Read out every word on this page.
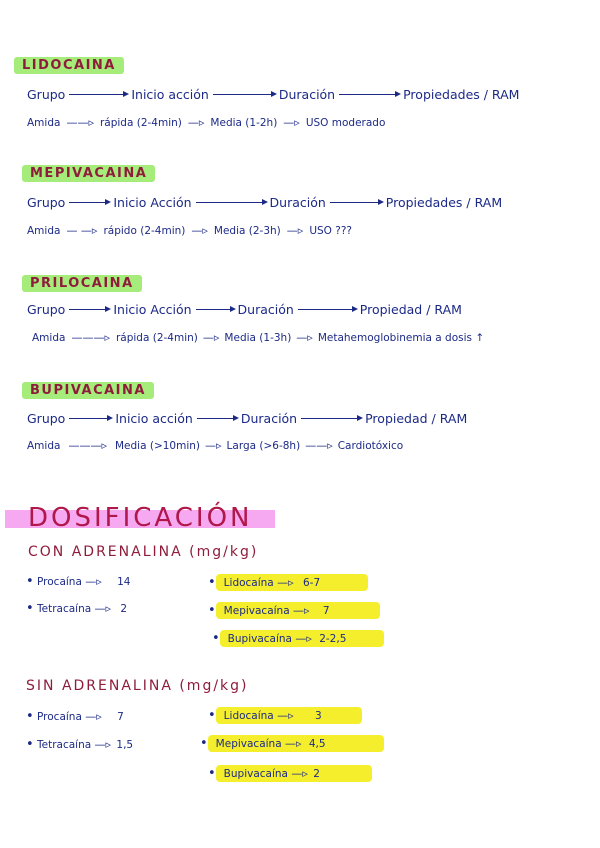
LIDOCAINA
Grupo	Inicio acción	Duración	Propiedades / RAM
Amida ——▹ rápida (2-4min) —▹ Media (1-2h) —▹ USO moderado
MEPIVACAINA
Grupo	Inicio Acción	Duración	Propiedades / RAM
Amida — —▹ rápido (2-4min) —▹ Media (2-3h) —▹ USO ???
PRILOCAINA
Grupo	Inicio Acción	Duración	Propiedad / RAM
Amida ———▹ rápida (2-4min) —▹ Media (1-3h) —▹ Metahemoglobinemia a dosis ↑
BUPIVACAINA
Grupo	Inicio acción	Duración	Propiedad / RAM
Amida ———▹ Media (>10min) —▹ Larga (>6-8h) ——▹ Cardiotóxico
DOSIFICACIÓN
CON ADRENALINA (mg/kg)
• Procaína —▹ 14
• Tetracaína —▹ 2
• Lidocaína —▹ 6-7
• Mepivacaína —▹ 7
• Bupivacaína —▹ 2-2,5
SIN ADRENALINA (mg/kg)
• Procaína —▹ 7
• Tetracaína —▹ 1,5
• Lidocaína —▹ 3
• Mepivacaína —▹ 4,5
• Bupivacaína —▹ 2
